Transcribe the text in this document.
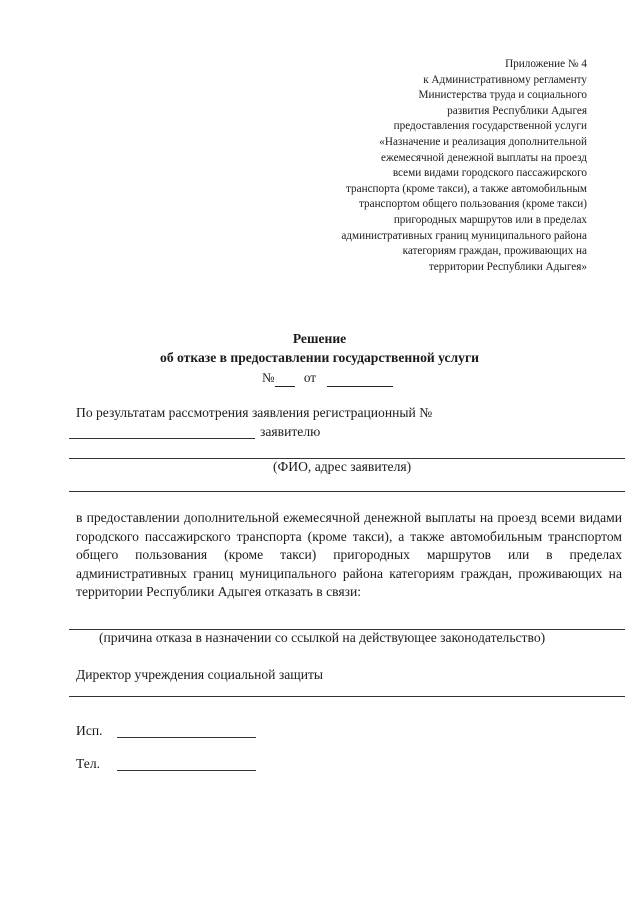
Приложение № 4
к Административному регламенту
Министерства труда и социального
развития Республики Адыгея
предоставления государственной услуги
«Назначение и реализация дополнительной
ежемесячной денежной выплаты на проезд
всеми видами городского пассажирского
транспорта (кроме такси), а также автомобильным
транспортом общего пользования (кроме такси)
пригородных маршрутов или в пределах
административных границ муниципального района
категориям граждан, проживающих на
территории Республики Адыгея»
Решение
об отказе в предоставлении государственной услуги
№ от
По результатам рассмотрения заявления регистрационный №
заявителю
(ФИО, адрес заявителя)
в предоставлении дополнительной ежемесячной денежной выплаты на проезд всеми видами городского пассажирского транспорта (кроме такси), а также автомобильным транспортом общего пользования (кроме такси) пригородных маршрутов или в пределах административных границ муниципального района категориям граждан, проживающих на территории Республики Адыгея отказать в связи:
(причина отказа в назначении со ссылкой на действующее законодательство)
Директор учреждения социальной защиты
Исп.
Тел.
